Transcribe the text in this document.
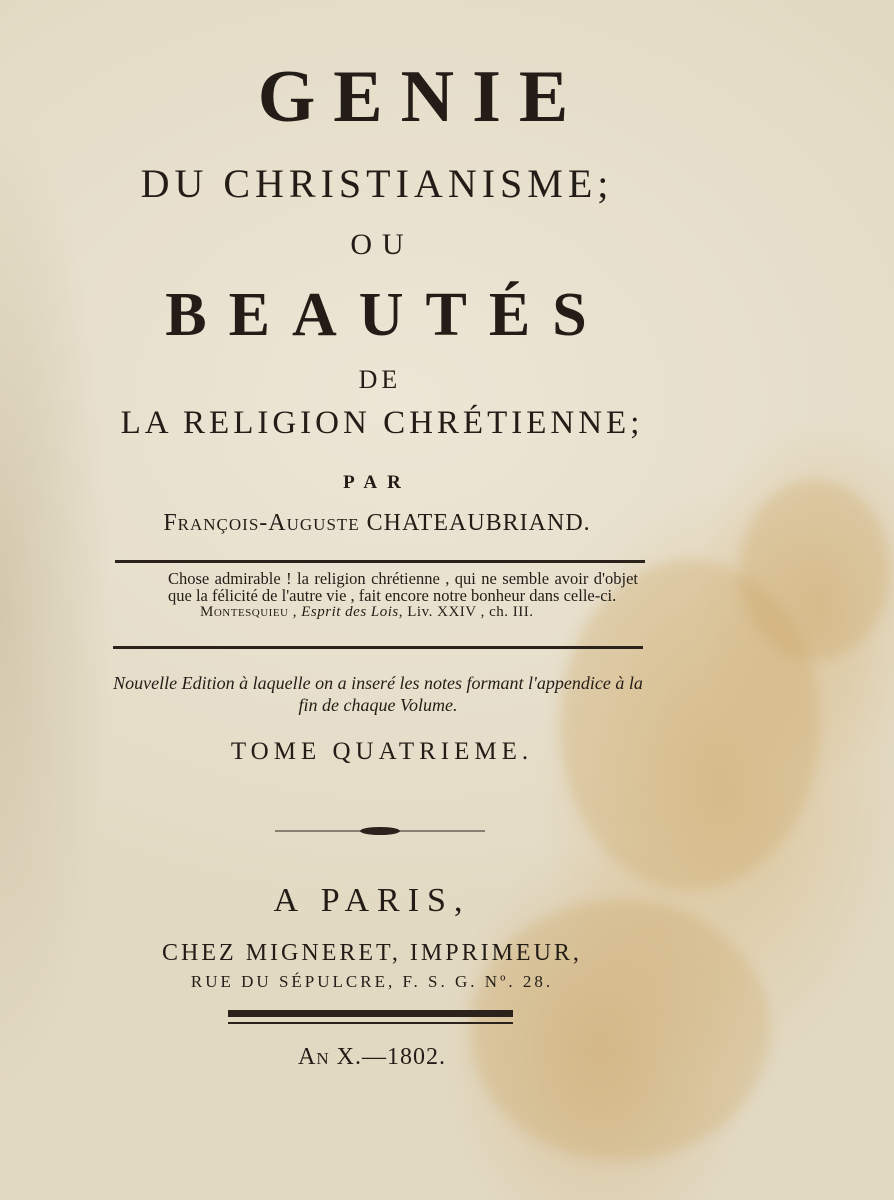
GENIE
DU CHRISTIANISME;
OU
BEAUTÉS
DE
LA RELIGION CHRÉTIENNE;
PAR
François-Auguste CHATEAUBRIAND.
Chose admirable ! la religion chrétienne , qui ne semble avoir d'objet que la félicité de l'autre vie , fait encore notre bonheur dans celle-ci.
Montesquieu , Esprit des Lois, Liv. XXIV , ch. III.
Nouvelle Edition à laquelle on a inseré les notes formant l'appendice à la fin de chaque Volume.
TOME QUATRIEME.
A PARIS,
CHEZ MIGNERET, IMPRIMEUR,
RUE DU SÉPULCRE, F. S. G. Nº. 28.
An X.—1802.
